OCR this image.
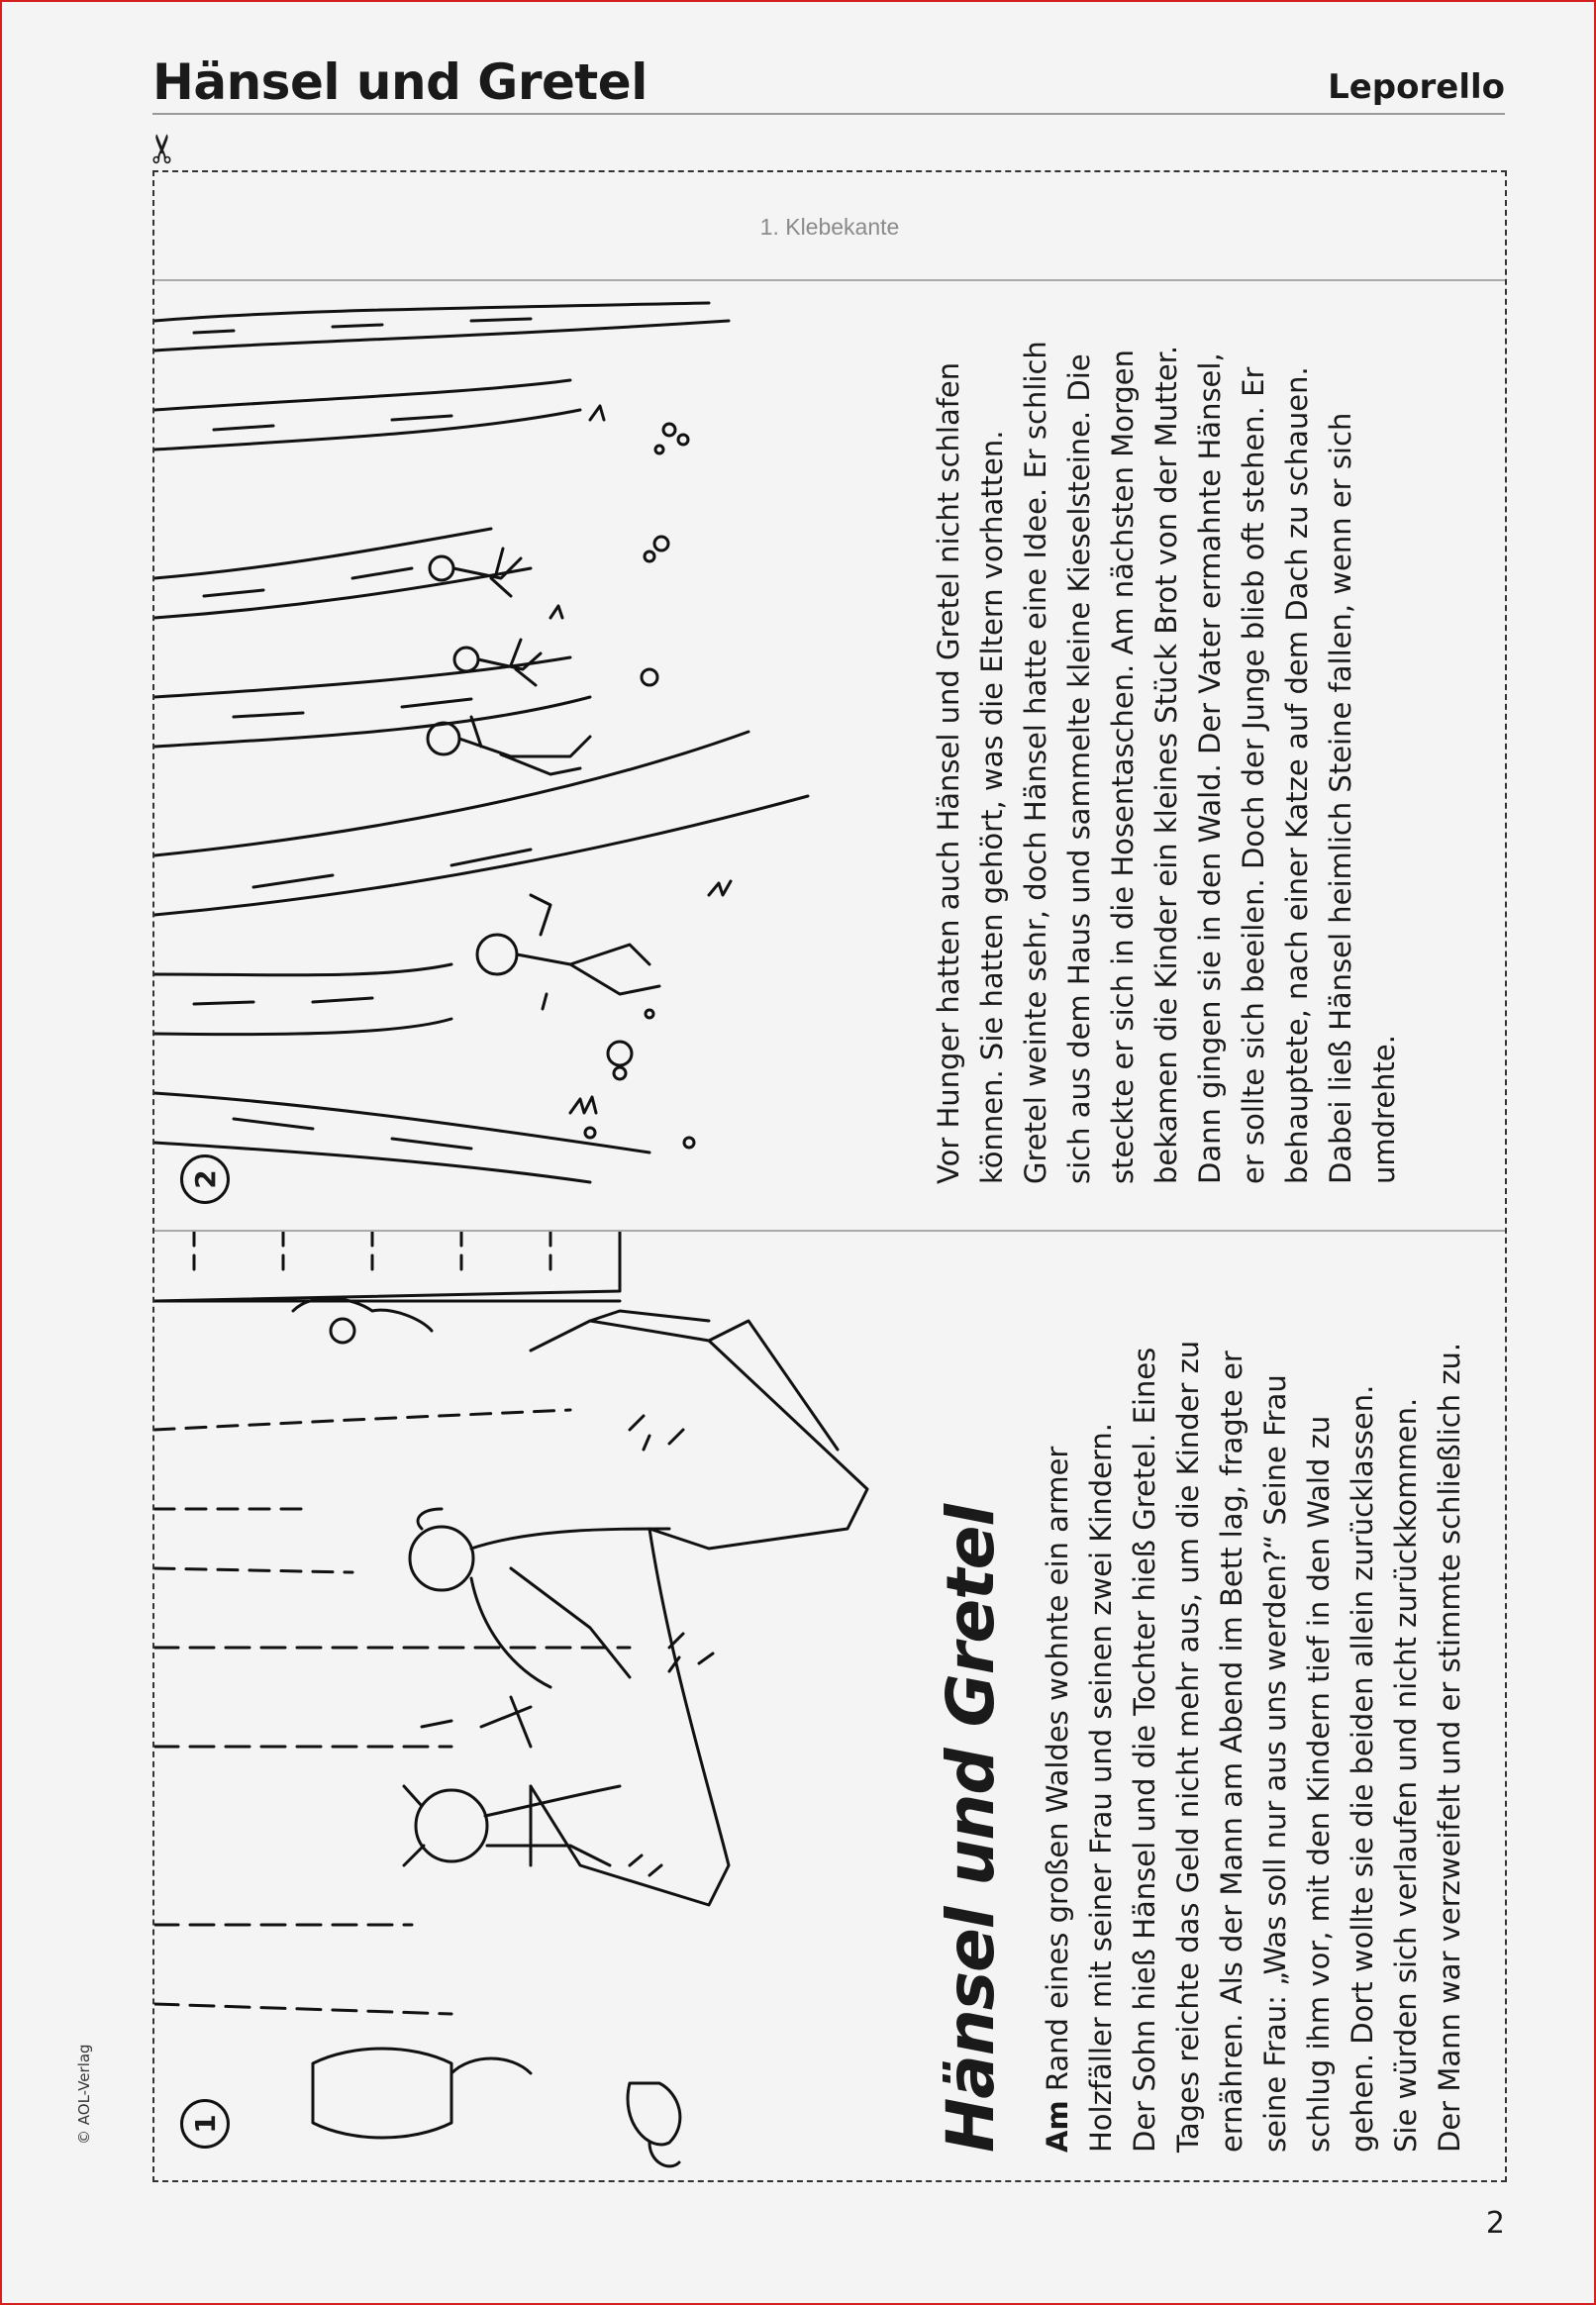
Hänsel und Gretel	Leporello
✂
1. Klebekante
2	Vor Hunger hatten auch Hänsel und Gretel nicht schlafen
können. Sie hatten gehört, was die Eltern vorhatten.
Gretel weinte sehr, doch Hänsel hatte eine Idee. Er schlich
sich aus dem Haus und sammelte kleine Kieselsteine. Die
steckte er sich in die Hosentaschen. Am nächsten Morgen
bekamen die Kinder ein kleines Stück Brot von der Mutter.
Dann gingen sie in den Wald. Der Vater ermahnte Hänsel,
er sollte sich beeilen. Doch der Junge blieb oft stehen. Er
behauptete, nach einer Katze auf dem Dach zu schauen.
Dabei ließ Hänsel heimlich Steine fallen, wenn er sich
umdrehte.
1	Hänsel und Gretel Am Rand eines großen Waldes wohnte ein armer
Holzfäller mit seiner Frau und seinen zwei Kindern.
Der Sohn hieß Hänsel und die Tochter hieß Gretel. Eines
Tages reichte das Geld nicht mehr aus, um die Kinder zu
ernähren. Als der Mann am Abend im Bett lag, fragte er
seine Frau: „Was soll nur aus uns werden?“ Seine Frau
schlug ihm vor, mit den Kindern tief in den Wald zu
gehen. Dort wollte sie die beiden allein zurücklassen.
Sie würden sich verlaufen und nicht zurückkommen.
Der Mann war verzweifelt und er stimmte schließlich zu.
© AOL-Verlag
2
